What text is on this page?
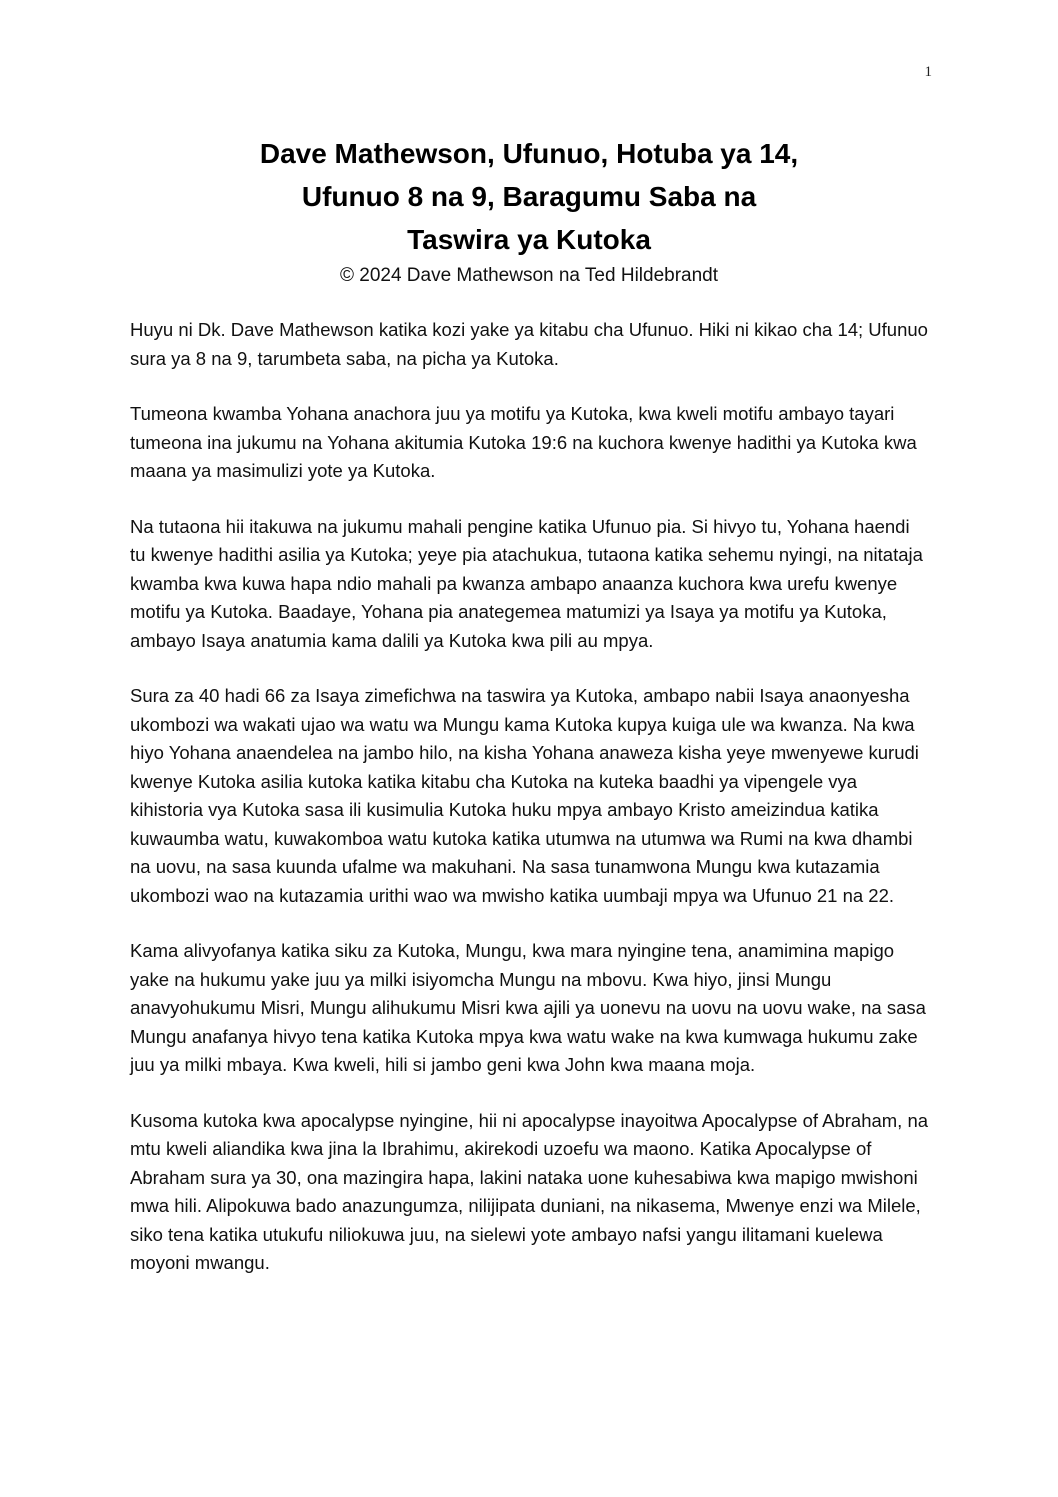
1
Dave Mathewson, Ufunuo, Hotuba ya 14,
Ufunuo 8 na 9, Baragumu Saba na
Taswira ya Kutoka
© 2024 Dave Mathewson na Ted Hildebrandt

Huyu ni Dk. Dave Mathewson katika kozi yake ya kitabu cha Ufunuo. Hiki ni kikao cha 14; Ufunuo sura ya 8 na 9, tarumbeta saba, na picha ya Kutoka.

Tumeona kwamba Yohana anachora juu ya motifu ya Kutoka, kwa kweli motifu ambayo tayari tumeona ina jukumu na Yohana akitumia Kutoka 19:6 na kuchora kwenye hadithi ya Kutoka kwa maana ya masimulizi yote ya Kutoka.

Na tutaona hii itakuwa na jukumu mahali pengine katika Ufunuo pia. Si hivyo tu, Yohana haendi tu kwenye hadithi asilia ya Kutoka; yeye pia atachukua, tutaona katika sehemu nyingi, na nitataja kwamba kwa kuwa hapa ndio mahali pa kwanza ambapo anaanza kuchora kwa urefu kwenye motifu ya Kutoka. Baadaye, Yohana pia anategemea matumizi ya Isaya ya motifu ya Kutoka, ambayo Isaya anatumia kama dalili ya Kutoka kwa pili au mpya.

Sura za 40 hadi 66 za Isaya zimefichwa na taswira ya Kutoka, ambapo nabii Isaya anaonyesha ukombozi wa wakati ujao wa watu wa Mungu kama Kutoka kupya kuiga ule wa kwanza. Na kwa hiyo Yohana anaendelea na jambo hilo, na kisha Yohana anaweza kisha yeye mwenyewe kurudi kwenye Kutoka asilia kutoka katika kitabu cha Kutoka na kuteka baadhi ya vipengele vya kihistoria vya Kutoka sasa ili kusimulia Kutoka huku mpya ambayo Kristo ameizindua katika kuwaumba watu, kuwakomboa watu kutoka katika utumwa na utumwa wa Rumi na kwa dhambi na uovu, na sasa kuunda ufalme wa makuhani. Na sasa tunamwona Mungu kwa kutazamia ukombozi wao na kutazamia urithi wao wa mwisho katika uumbaji mpya wa Ufunuo 21 na 22.

Kama alivyofanya katika siku za Kutoka, Mungu, kwa mara nyingine tena, anamimina mapigo yake na hukumu yake juu ya milki isiyomcha Mungu na mbovu. Kwa hiyo, jinsi Mungu anavyohukumu Misri, Mungu alihukumu Misri kwa ajili ya uonevu na uovu na uovu wake, na sasa Mungu anafanya hivyo tena katika Kutoka mpya kwa watu wake na kwa kumwaga hukumu zake juu ya milki mbaya. Kwa kweli, hili si jambo geni kwa John kwa maana moja.

Kusoma kutoka kwa apocalypse nyingine, hii ni apocalypse inayoitwa Apocalypse of Abraham, na mtu kweli aliandika kwa jina la Ibrahimu, akirekodi uzoefu wa maono. Katika Apocalypse of Abraham sura ya 30, ona mazingira hapa, lakini nataka uone kuhesabiwa kwa mapigo mwishoni mwa hili. Alipokuwa bado anazungumza, nilijipata duniani, na nikasema, Mwenye enzi wa Milele, siko tena katika utukufu niliokuwa juu, na sielewi yote ambayo nafsi yangu ilitamani kuelewa moyoni mwangu.
